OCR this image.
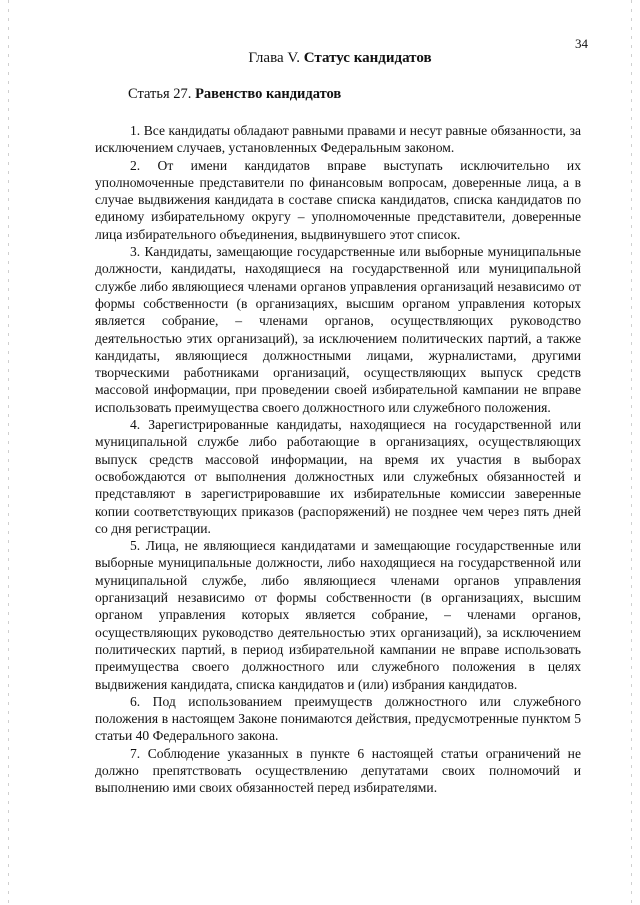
34
Глава V. Статус кандидатов
Статья 27. Равенство кандидатов

1. Все кандидаты обладают равными правами и несут равные обязанности, за исключением случаев, установленных Федеральным законом.

2. От имени кандидатов вправе выступать исключительно их уполномоченные представители по финансовым вопросам, доверенные лица, а в случае выдвижения кандидата в составе списка кандидатов, списка кандидатов по единому избирательному округу – уполномоченные представители, доверенные лица избирательного объединения, выдвинувшего этот список.

3. Кандидаты, замещающие государственные или выборные муниципальные должности, кандидаты, находящиеся на государственной или муниципальной службе либо являющиеся членами органов управления организаций независимо от формы собственности (в организациях, высшим органом управления которых является собрание, – членами органов, осуществляющих руководство деятельностью этих организаций), за исключением политических партий, а также кандидаты, являющиеся должностными лицами, журналистами, другими творческими работниками организаций, осуществляющих выпуск средств массовой информации, при проведении своей избирательной кампании не вправе использовать преимущества своего должностного или служебного положения.

4. Зарегистрированные кандидаты, находящиеся на государственной или муниципальной службе либо работающие в организациях, осуществляющих выпуск средств массовой информации, на время их участия в выборах освобождаются от выполнения должностных или служебных обязанностей и представляют в зарегистрировавшие их избирательные комиссии заверенные копии соответствующих приказов (распоряжений) не позднее чем через пять дней со дня регистрации.

5. Лица, не являющиеся кандидатами и замещающие государственные или выборные муниципальные должности, либо находящиеся на государственной или муниципальной службе, либо являющиеся членами органов управления организаций независимо от формы собственности (в организациях, высшим органом управления которых является собрание, – членами органов, осуществляющих руководство деятельностью этих организаций), за исключением политических партий, в период избирательной кампании не вправе использовать преимущества своего должностного или служебного положения в целях выдвижения кандидата, списка кандидатов и (или) избрания кандидатов.

6. Под использованием преимуществ должностного или служебного положения в настоящем Законе понимаются действия, предусмотренные пунктом 5 статьи 40 Федерального закона.

7. Соблюдение указанных в пункте 6 настоящей статьи ограничений не должно препятствовать осуществлению депутатами своих полномочий и выполнению ими своих обязанностей перед избирателями.
